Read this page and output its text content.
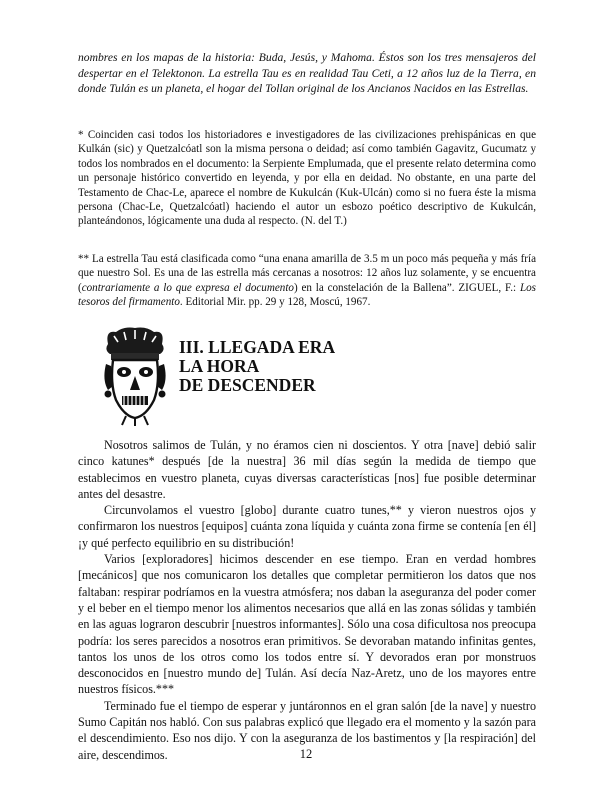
nombres en los mapas de la historia: Buda, Jesús, y Mahoma. Éstos son los tres mensajeros del despertar en el Telektonon. La estrella Tau es en realidad Tau Ceti, a 12 años luz de la Tierra, en donde Tulán es un planeta, el hogar del Tollan original de los Ancianos Nacidos en las Estrellas.
* Coinciden casi todos los historiadores e investigadores de las civilizaciones prehispánicas en que Kulkán (sic) y Quetzalcóatl son la misma persona o deidad; así como también Gagavitz, Gucumatz y todos los nombrados en el documento: la Serpiente Emplumada, que el presente relato determina como un personaje histórico convertido en leyenda, y por ella en deidad. No obstante, en una parte del Testamento de Chac-Le, aparece el nombre de Kukulcán (Kuk-Ulcán) como si no fuera éste la misma persona (Chac-Le, Quetzalcóatl) haciendo el autor un esbozo poético descriptivo de Kukulcán, planteándonos, lógicamente una duda al respecto. (N. del T.)
** La estrella Tau está clasificada como “una enana amarilla de 3.5 m un poco más pequeña y más fría que nuestro Sol. Es una de las estrella más cercanas a nosotros: 12 años luz solamente, y se encuentra (contrariamente a lo que expresa el documento) en la constelación de la Ballena”. ZIGUEL, F.: Los tesoros del firmamento. Editorial Mir. pp. 29 y 128, Moscú, 1967.
III. LLEGADA ERA
LA HORA
DE DESCENDER

Nosotros salimos de Tulán, y no éramos cien ni doscientos. Y otra [nave] debió salir cinco katunes* después [de la nuestra] 36 mil días según la medida de tiempo que establecimos en vuestro planeta, cuyas diversas características [nos] fue posible determinar antes del desastre.

Circunvolamos el vuestro [globo] durante cuatro tunes,** y vieron nuestros ojos y confirmaron los nuestros [equipos] cuánta zona líquida y cuánta zona firme se contenía [en él] ¡y qué perfecto equilibrio en su distribución!

Varios [exploradores] hicimos descender en ese tiempo. Eran en verdad hombres [mecánicos] que nos comunicaron los detalles que completar permitieron los datos que nos faltaban: respirar podríamos en la vuestra atmósfera; nos daban la aseguranza del poder comer y el beber en el tiempo menor los alimentos necesarios que allá en las zonas sólidas y también en las aguas lograron descubrir [nuestros informantes]. Sólo una cosa dificultosa nos preocupa podría: los seres parecidos a nosotros eran primitivos. Se devoraban matando infinitas gentes, tantos los unos de los otros como los todos entre sí. Y devorados eran por monstruos desconocidos en [nuestro mundo de] Tulán. Así decía Naz-Aretz, uno de los mayores entre nuestros físicos.***

Terminado fue el tiempo de esperar y juntáronnos en el gran salón [de la nave] y nuestro Sumo Capitán nos habló. Con sus palabras explicó que llegado era el momento y la sazón para el descendimiento. Eso nos dijo. Y con la aseguranza de los bastimentos y [la respiración] del aire, descendimos.	12
